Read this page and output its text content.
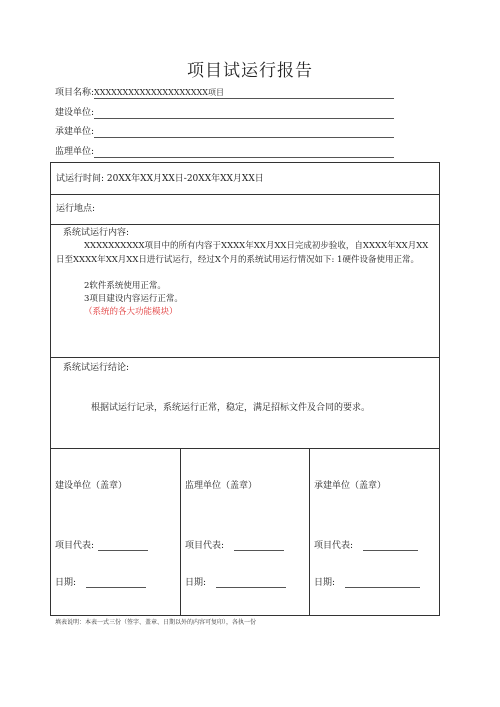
项目试运行报告
项目名称: XXXXXXXXXXXXXXXXXXXX项目
建设单位:
承建单位:
监理单位:
试运行时间: 20XX年XX月XX日-20XX年XX月XX日
运行地点:
系统试运行内容:
XXXXXXXXXX项目中的所有内容于XXXX年XX月XX日完成初步验收，自XXXX年XX月XX日至XXXX年XX月XX日进行试运行，经过X个月的系统试用运行情况如下: 1硬件设备使用正常。
2软件系统使用正常。
3项目建设内容运行正常。
（系统的各大功能模块）
系统试运行结论:
根据试运行记录，系统运行正常，稳定，满足招标文件及合同的要求。
建设单位（盖章）
项目代表:
日期:
监理单位（盖章）
项目代表:
日期:
承建单位（盖章）
项目代表:
日期:
填表说明：本表一式三份（签字、盖章、日期以外的内容可复印），各执一份
